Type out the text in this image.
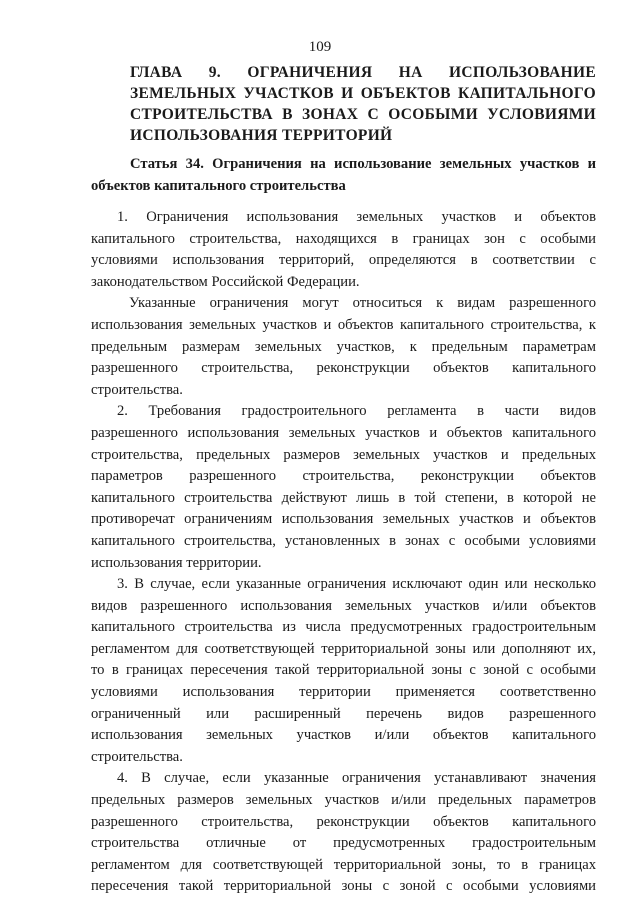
109
ГЛАВА 9. ОГРАНИЧЕНИЯ НА ИСПОЛЬЗОВАНИЕ
ЗЕМЕЛЬНЫХ УЧАСТКОВ И ОБЪЕКТОВ КАПИТАЛЬНОГО
СТРОИТЕЛЬСТВА В ЗОНАХ С ОСОБЫМИ УСЛОВИЯМИ
ИСПОЛЬЗОВАНИЯ ТЕРРИТОРИЙ
Статья 34. Ограничения на использование земельных участков и
объектов капитального строительства
1. Ограничения использования земельных участков и объектов
капитального строительства, находящихся в границах зон с особыми
условиями использования территорий, определяются в соответствии с
законодательством Российской Федерации.
Указанные ограничения могут относиться к видам разрешенного
использования земельных участков и объектов капитального строительства, к
предельным размерам земельных участков, к предельным параметрам
разрешенного строительства, реконструкции объектов капитального
строительства.
2. Требования градостроительного регламента в части видов
разрешенного использования земельных участков и объектов капитального
строительства, предельных размеров земельных участков и предельных
параметров разрешенного строительства, реконструкции объектов
капитального строительства действуют лишь в той степени, в которой не
противоречат ограничениям использования земельных участков и объектов
капитального строительства, установленных в зонах с особыми условиями
использования территории.
3. В случае, если указанные ограничения исключают один или несколько
видов разрешенного использования земельных участков и/или объектов
капитального строительства из числа предусмотренных градостроительным
регламентом для соответствующей территориальной зоны или дополняют их,
то в границах пересечения такой территориальной зоны с зоной с особыми
условиями использования территории применяется соответственно
ограниченный или расширенный перечень видов разрешенного
использования земельных участков и/или объектов капитального
строительства.
4. В случае, если указанные ограничения устанавливают значения
предельных размеров земельных участков и/или предельных параметров
разрешенного строительства, реконструкции объектов капитального
строительства отличные от предусмотренных градостроительным
регламентом для соответствующей территориальной зоны, то в границах
пересечения такой территориальной зоны с зоной с особыми условиями
